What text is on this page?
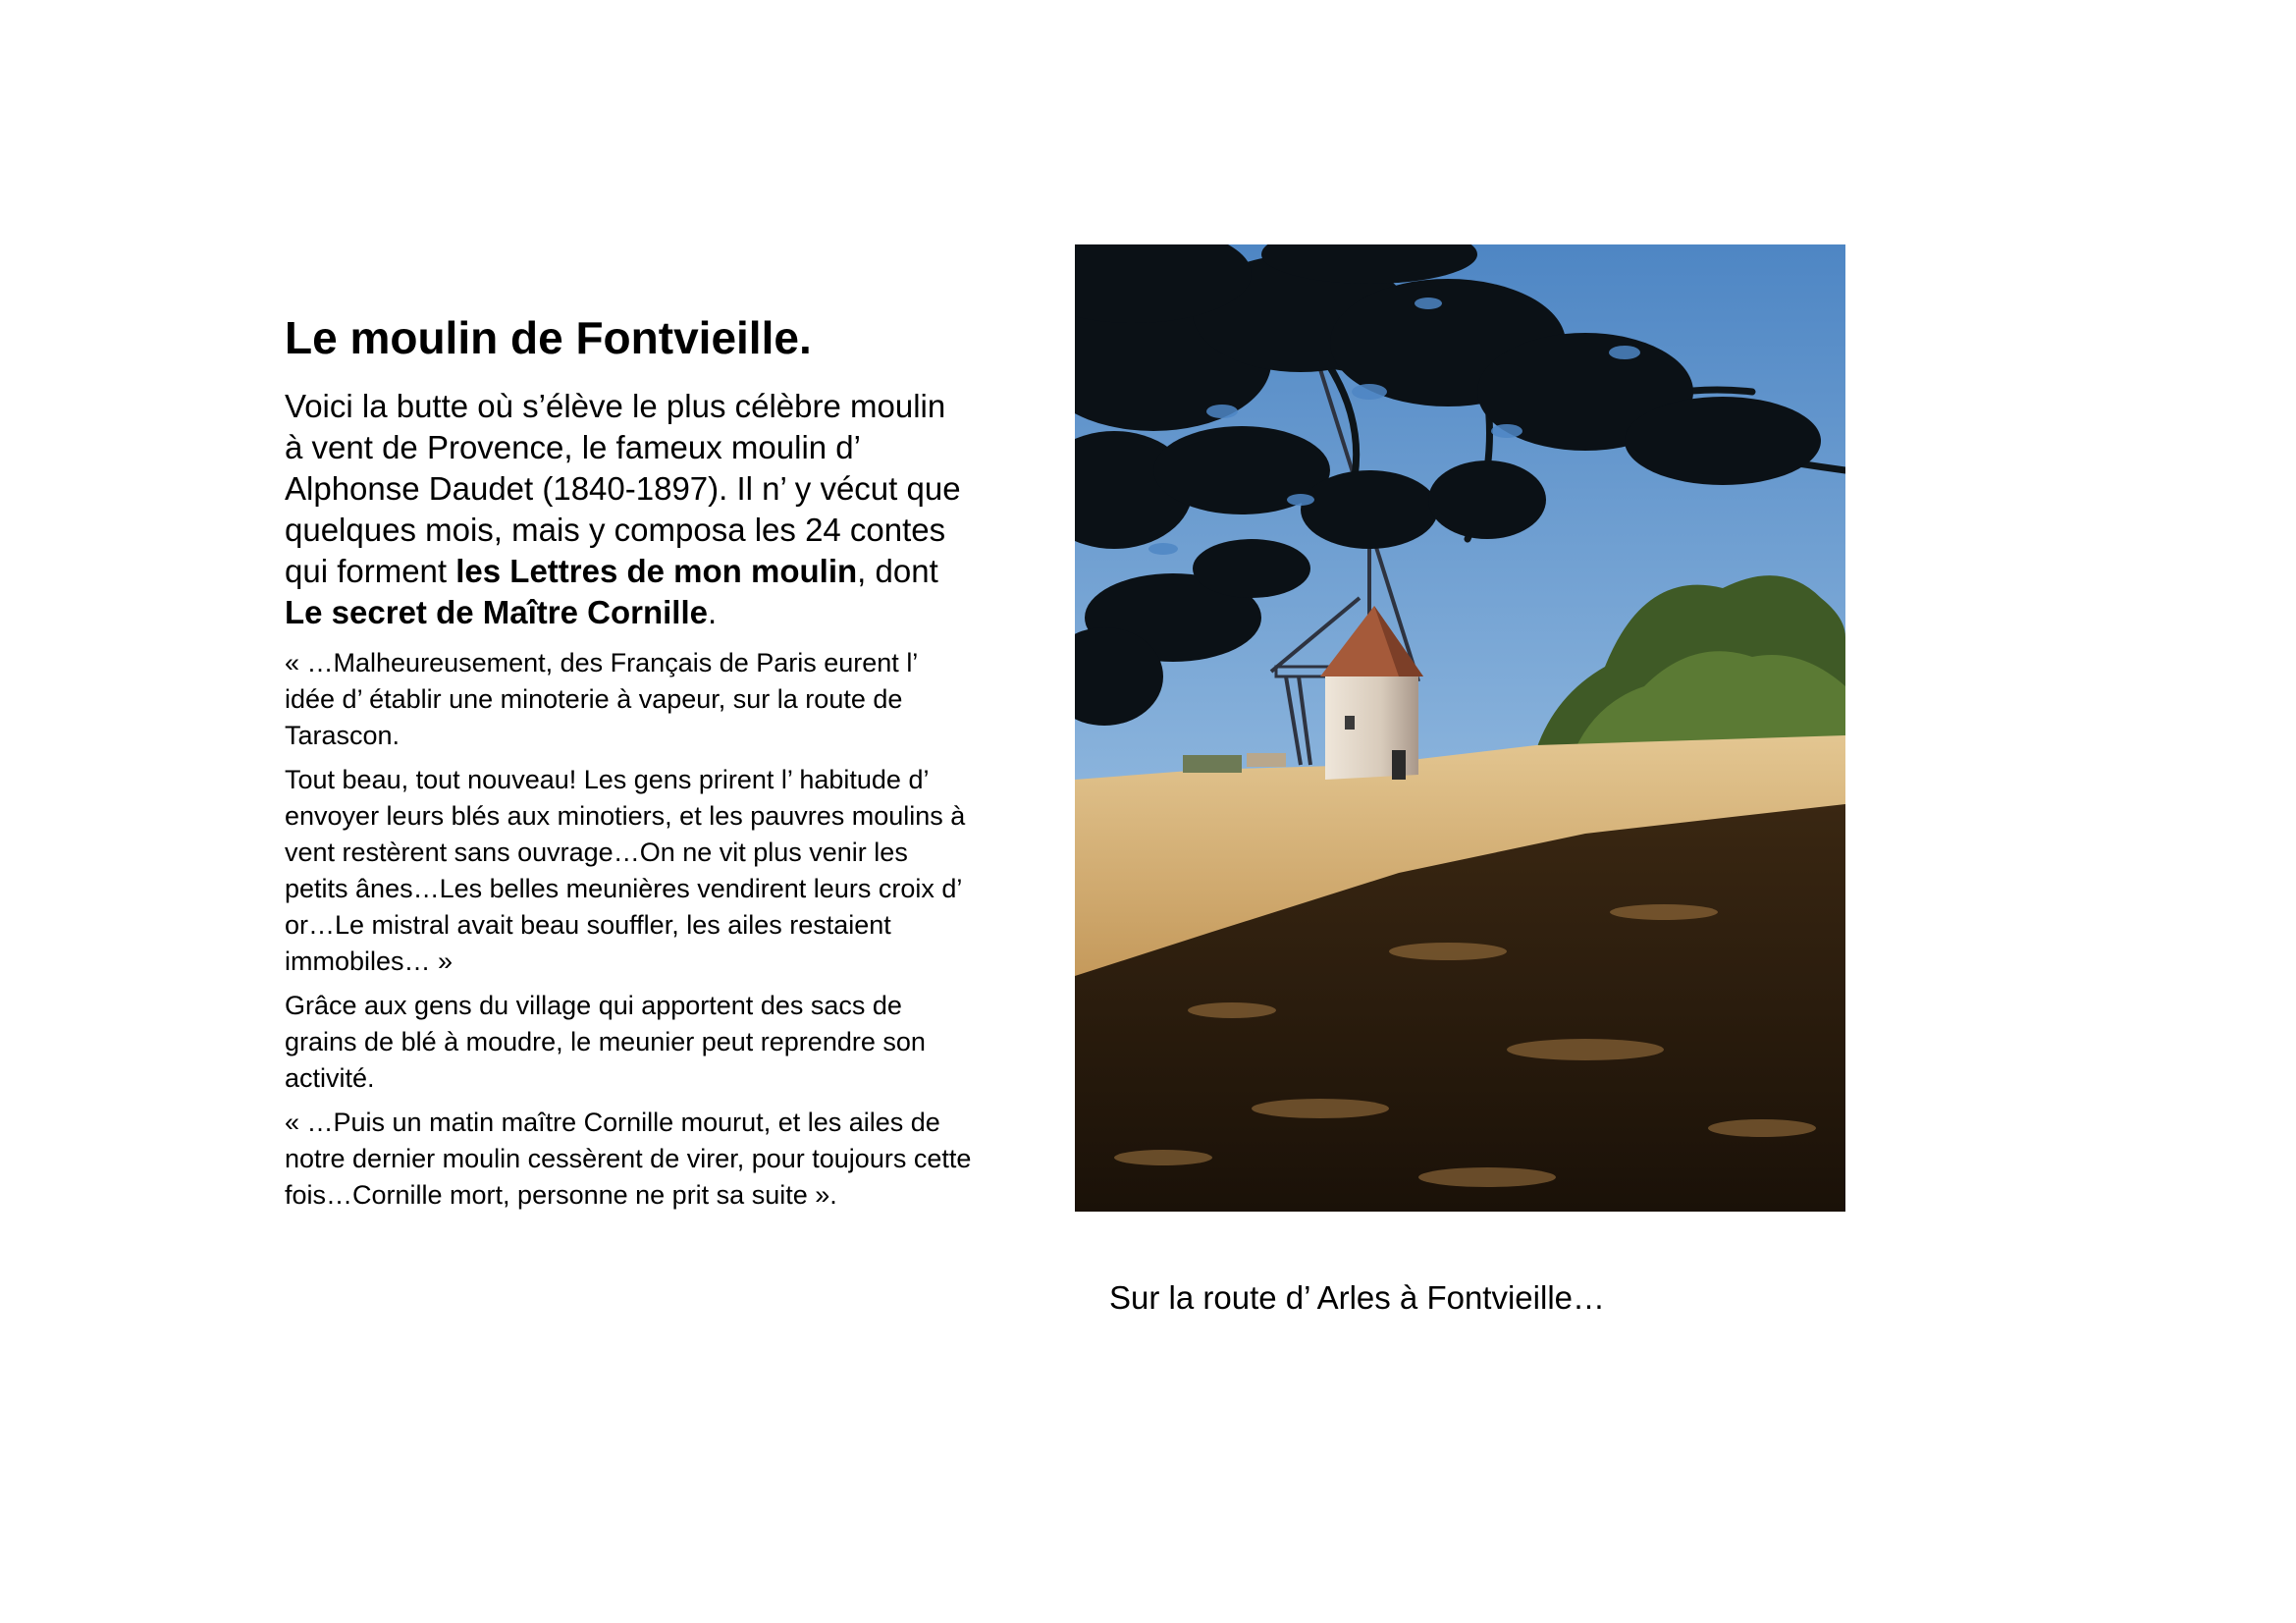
Le moulin de Fontvieille.

Voici la butte où s’élève le plus célèbre moulin à vent de Provence, le fameux moulin d’ Alphonse Daudet (1840-1897). Il n’ y vécut que quelques mois, mais y composa les 24 contes qui forment les Lettres de mon moulin, dont Le secret de Maître Cornille.

« …Malheureusement, des Français de Paris eurent l’ idée d’ établir une minoterie à vapeur, sur la route de Tarascon.

Tout beau, tout nouveau! Les gens prirent l’ habitude d’ envoyer leurs blés aux minotiers, et les pauvres moulins à vent restèrent sans ouvrage…On ne vit plus venir les petits ânes…Les belles meunières vendirent leurs croix d’ or…Le mistral avait beau souffler, les ailes restaient immobiles… »

Grâce aux gens du village qui apportent des sacs de grains de blé à moudre, le meunier peut reprendre son activité.

« …Puis un matin maître Cornille mourut, et les ailes de notre dernier moulin cessèrent de virer, pour toujours cette fois…Cornille mort, personne ne prit sa suite ».

Sur la route d’ Arles à Fontvieille…
